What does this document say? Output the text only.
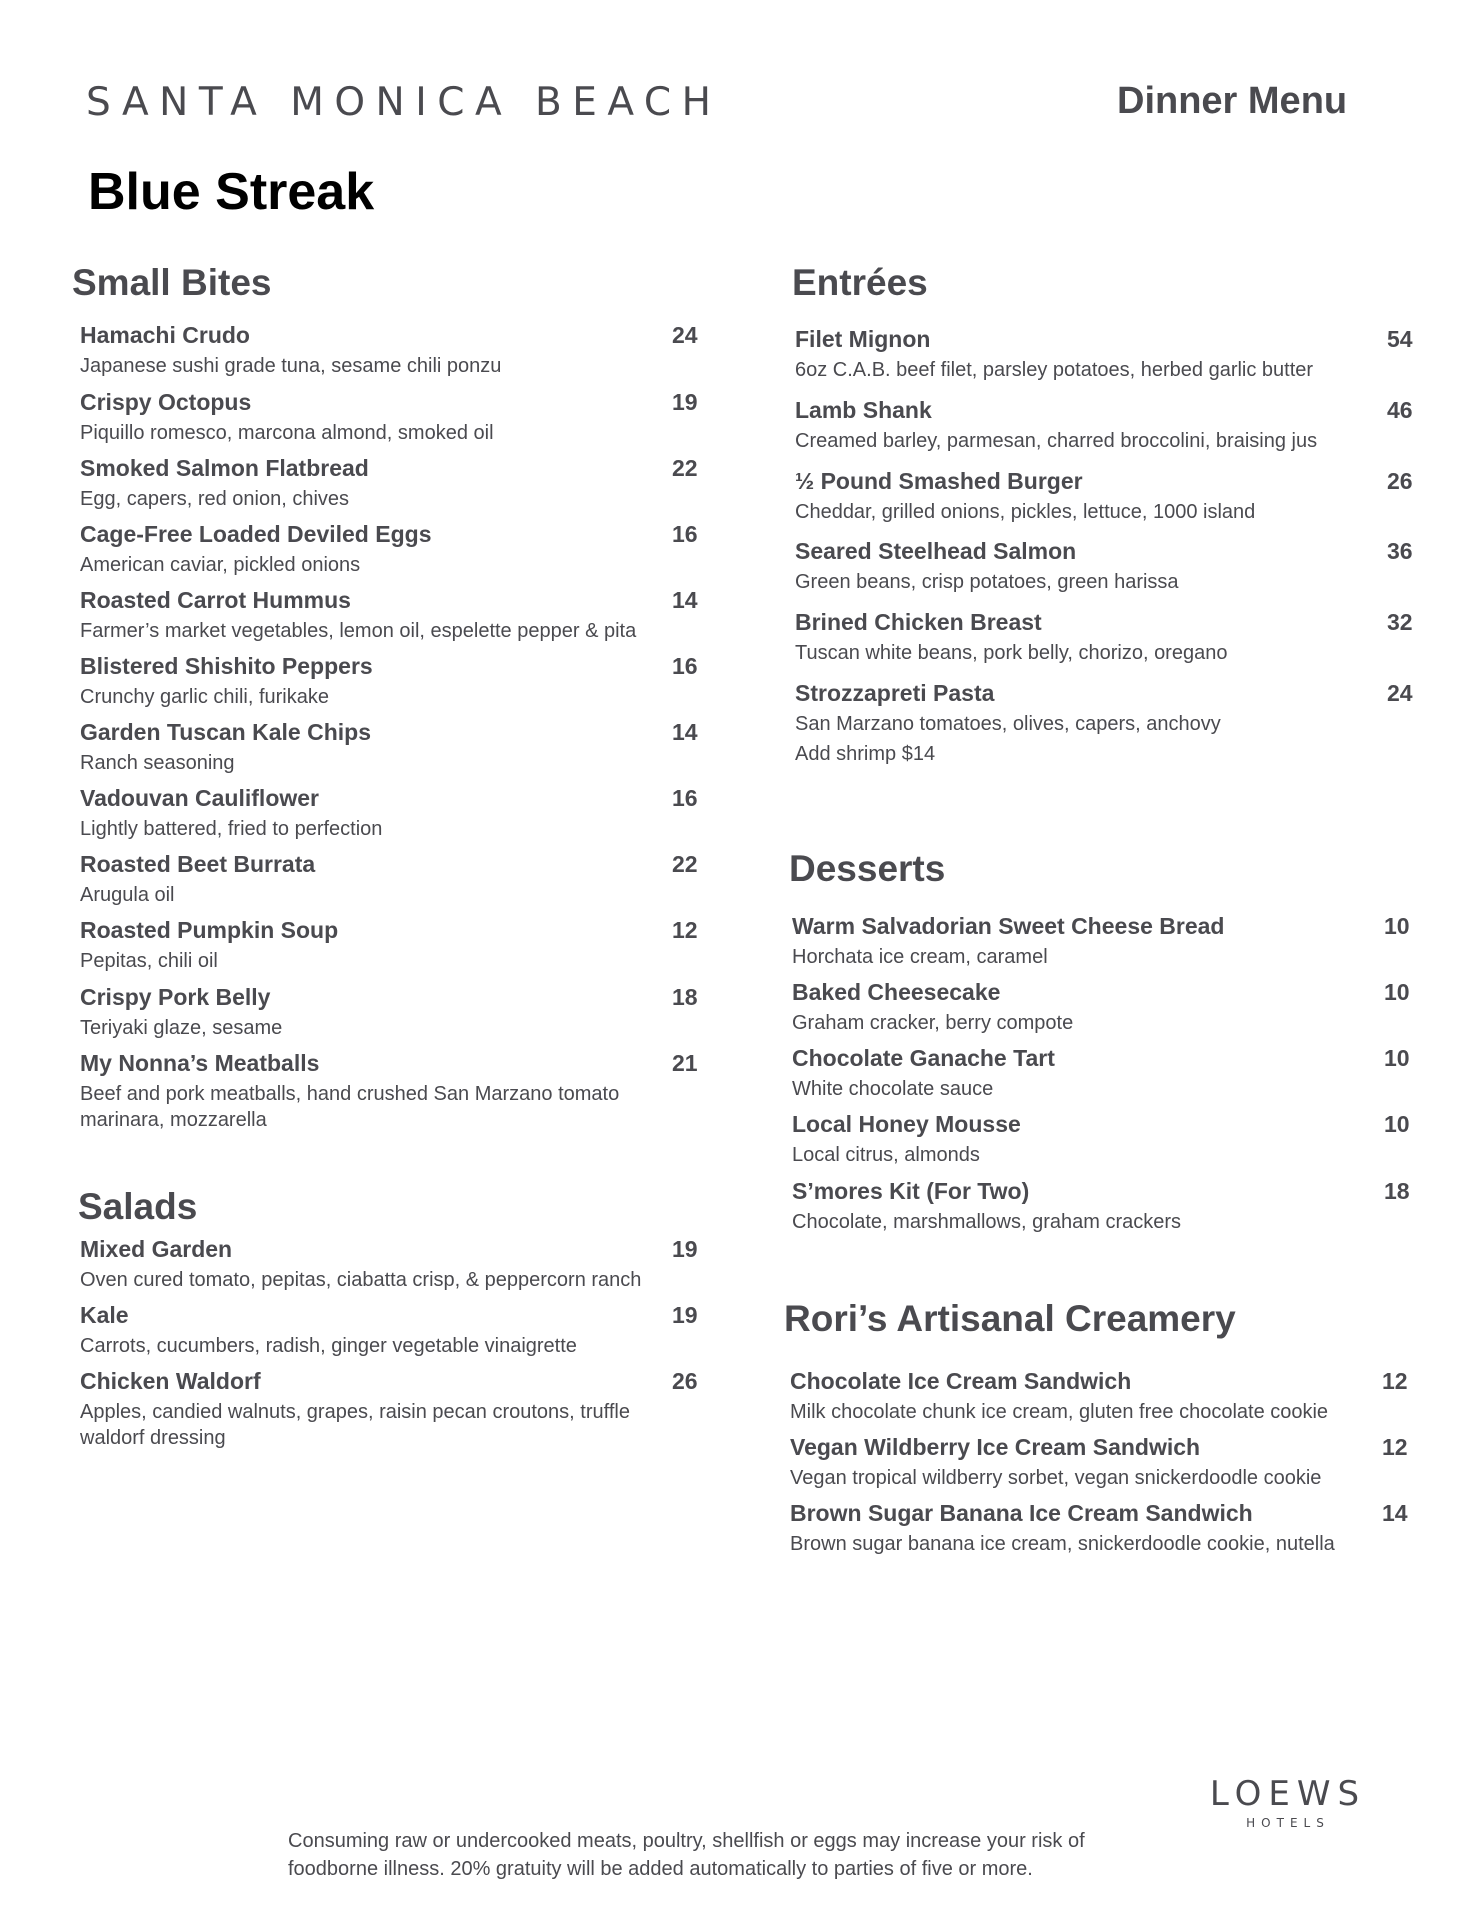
SANTA MONICA BEACH	Dinner Menu
Blue Streak
Small Bites
Hamachi Crudo	24
Japanese sushi grade tuna, sesame chili ponzu
Crispy Octopus	19
Piquillo romesco, marcona almond, smoked oil
Smoked Salmon Flatbread	22
Egg, capers, red onion, chives
Cage-Free Loaded Deviled Eggs	16
American caviar, pickled onions
Roasted Carrot Hummus	14
Farmer’s market vegetables, lemon oil, espelette pepper & pita
Blistered Shishito Peppers	16
Crunchy garlic chili, furikake
Garden Tuscan Kale Chips	14
Ranch seasoning
Vadouvan Cauliflower	16
Lightly battered, fried to perfection
Roasted Beet Burrata	22
Arugula oil
Roasted Pumpkin Soup	12
Pepitas, chili oil
Crispy Pork Belly	18
Teriyaki glaze, sesame
My Nonna’s Meatballs	21
Beef and pork meatballs, hand crushed San Marzano tomato marinara, mozzarella
Salads
Mixed Garden	19
Oven cured tomato, pepitas, ciabatta crisp, & peppercorn ranch
Kale	19
Carrots, cucumbers, radish, ginger vegetable vinaigrette
Chicken Waldorf	26
Apples, candied walnuts, grapes, raisin pecan croutons, truffle waldorf dressing
Entrées
Filet Mignon	54
6oz C.A.B. beef filet, parsley potatoes, herbed garlic butter
Lamb Shank	46
Creamed barley, parmesan, charred broccolini, braising jus
½ Pound Smashed Burger	26
Cheddar, grilled onions, pickles, lettuce, 1000 island
Seared Steelhead Salmon	36
Green beans, crisp potatoes, green harissa
Brined Chicken Breast	32
Tuscan white beans, pork belly, chorizo, oregano
Strozzapreti Pasta	24
San Marzano tomatoes, olives, capers, anchovy
Add shrimp $14
Desserts
Warm Salvadorian Sweet Cheese Bread	10
Horchata ice cream, caramel
Baked Cheesecake	10
Graham cracker, berry compote
Chocolate Ganache Tart	10
White chocolate sauce
Local Honey Mousse	10
Local citrus, almonds
S’mores Kit (For Two)	18
Chocolate, marshmallows, graham crackers
Rori’s Artisanal Creamery
Chocolate Ice Cream Sandwich	12
Milk chocolate chunk ice cream, gluten free chocolate cookie
Vegan Wildberry Ice Cream Sandwich	12
Vegan tropical wildberry sorbet, vegan snickerdoodle cookie
Brown Sugar Banana Ice Cream Sandwich	14
Brown sugar banana ice cream, snickerdoodle cookie, nutella
Consuming raw or undercooked meats, poultry, shellfish or eggs may increase your risk of foodborne illness. 20% gratuity will be added automatically to parties of five or more.
LOEWS
HOTELS
